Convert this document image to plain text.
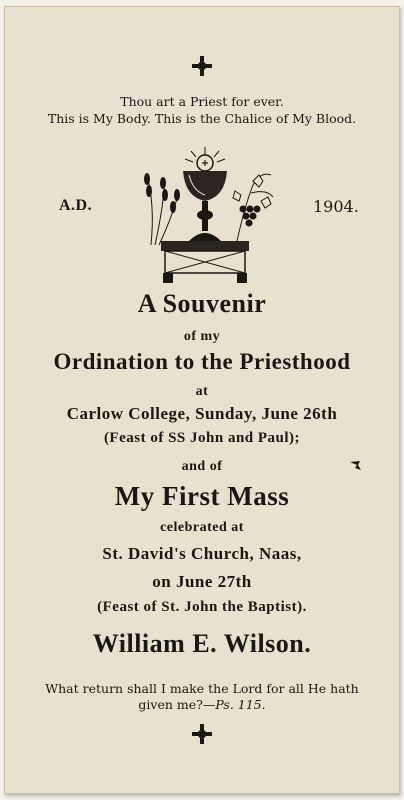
Thou art a Priest for ever.
This is My Body. This is the Chalice of My Blood.
A.D.	1904.
A Souvenir
of my
Ordination to the Priesthood
at
Carlow College, Sunday, June 26th
(Feast of SS John and Paul);
and of
My First Mass
celebrated at
St. David's Church, Naas,
on June 27th
(Feast of St. John the Baptist).
William E. Wilson.
What return shall I make the Lord for all He hath
given me?—Ps. 115.
